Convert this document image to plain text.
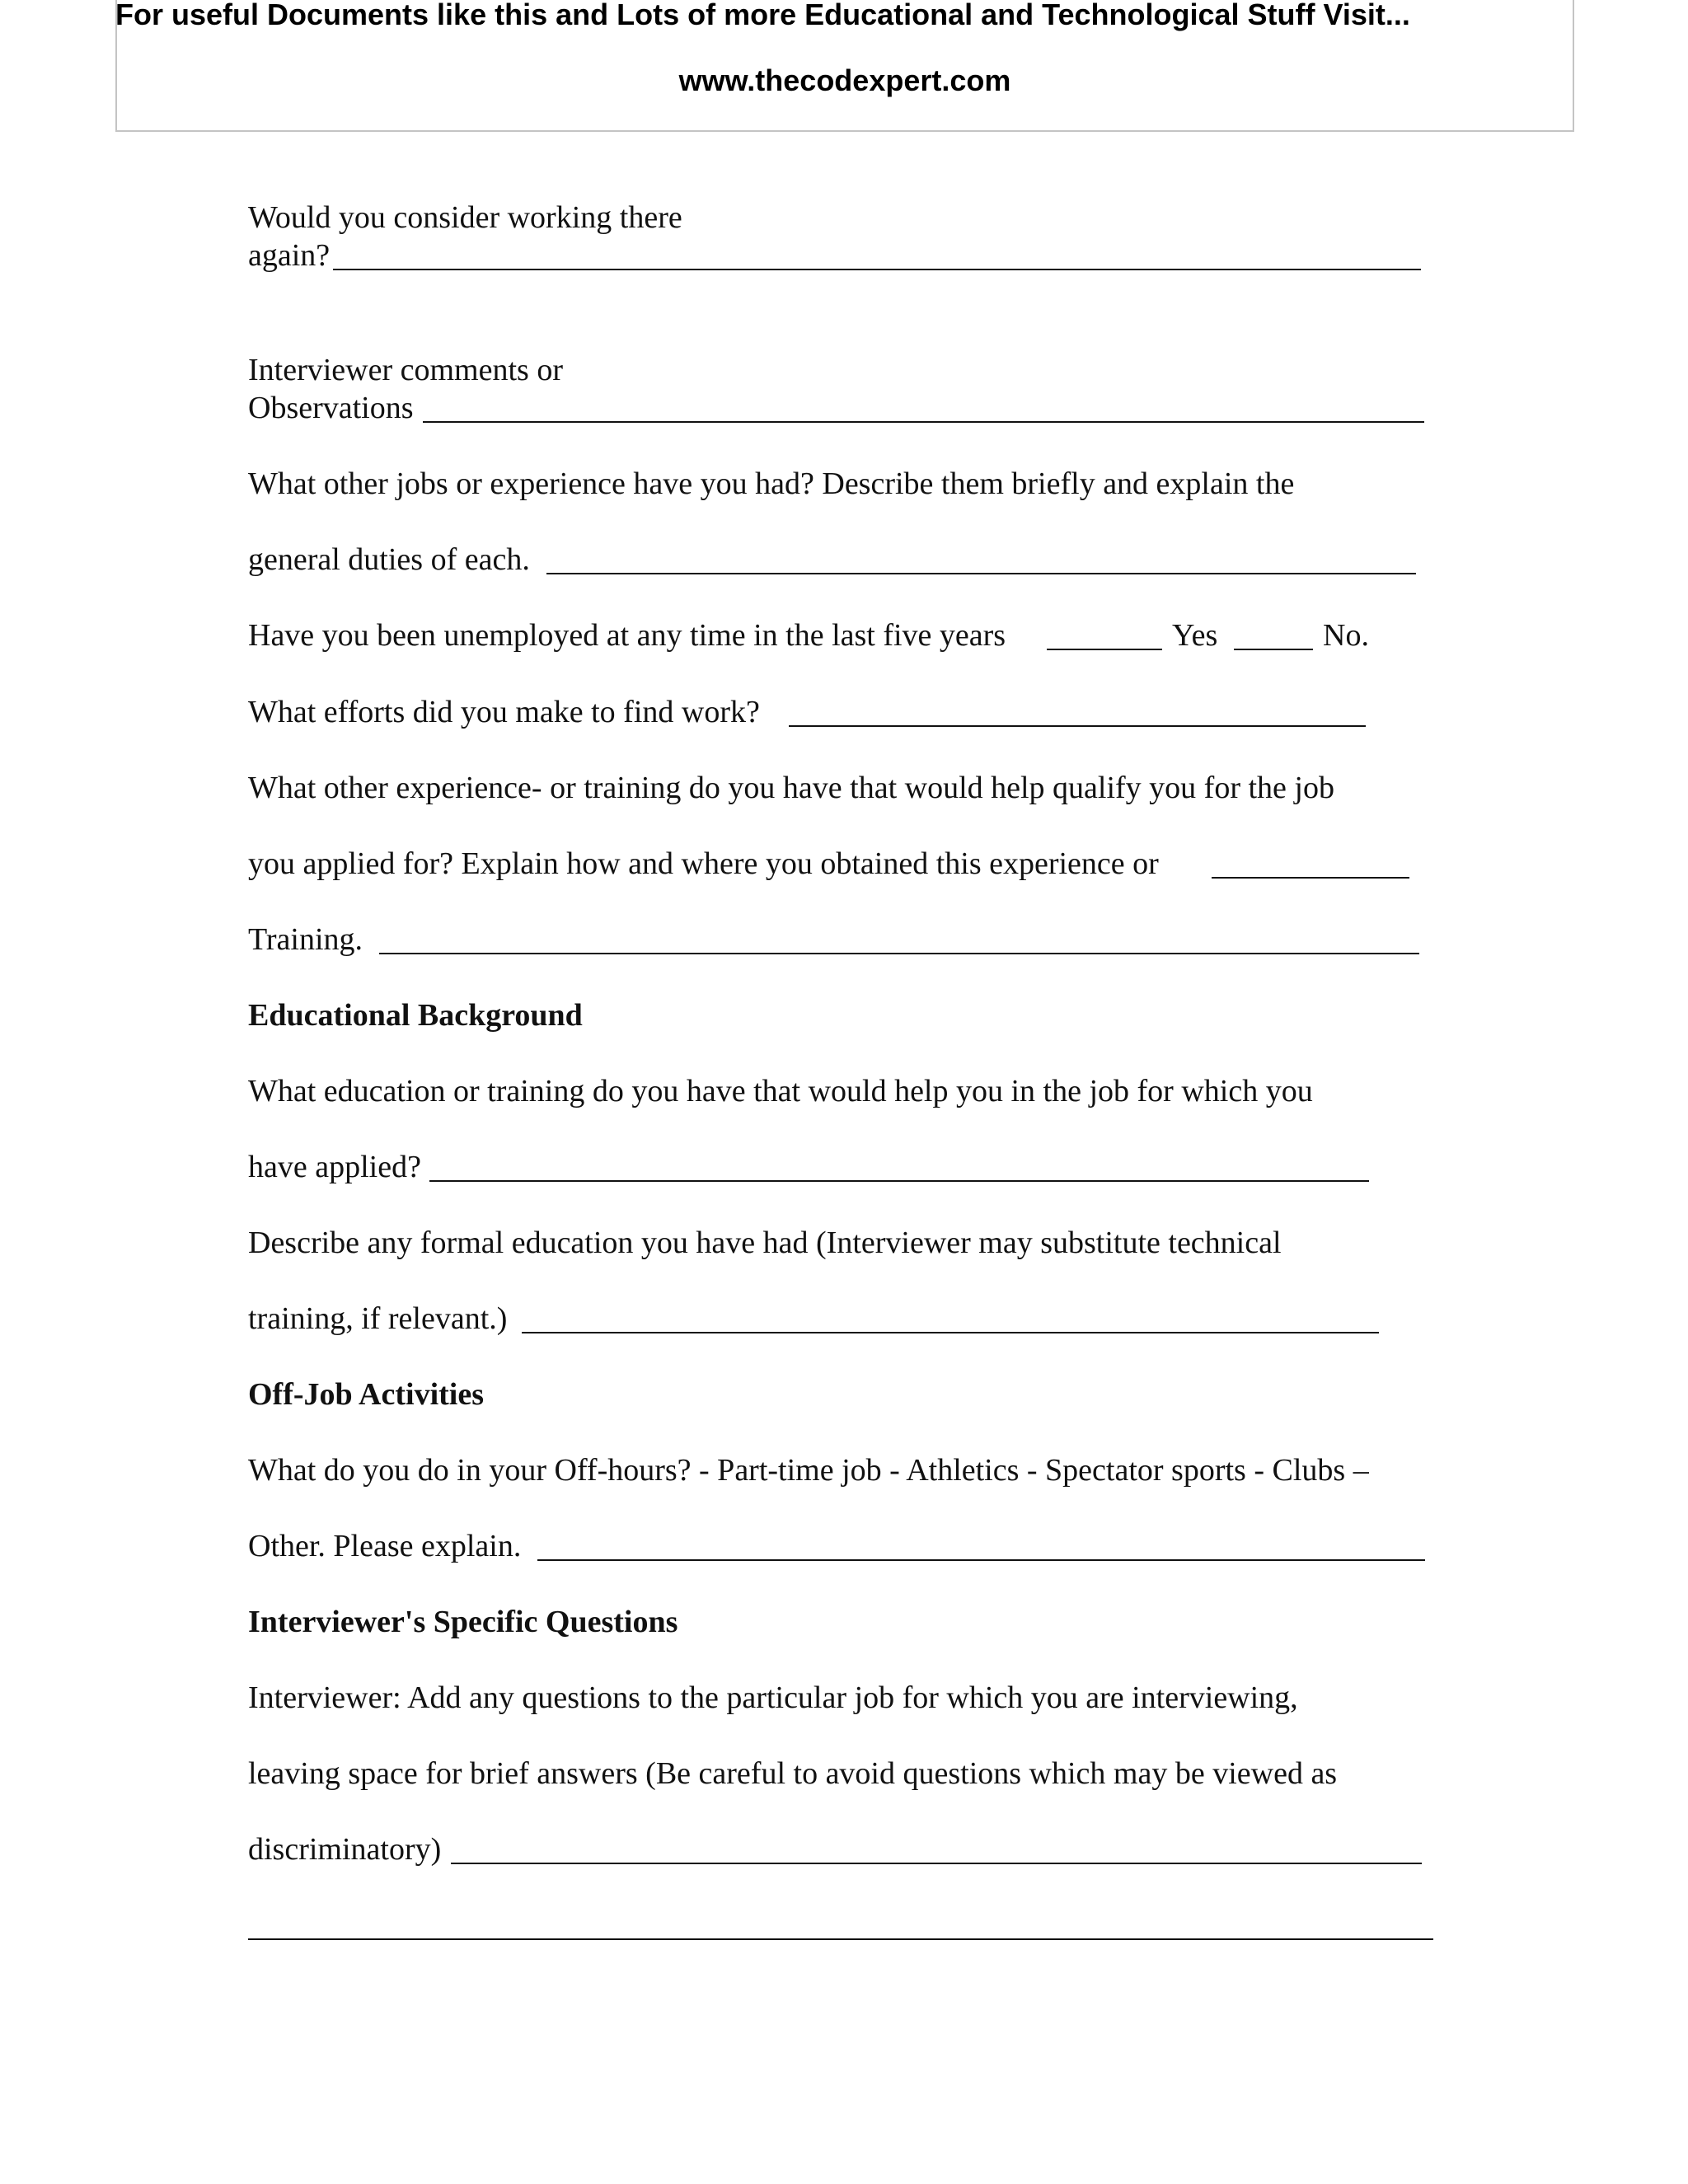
For useful Documents like this and Lots of more Educational and Technological Stuff Visit...
www.thecodexpert.com
Would you consider working there
again?
Interviewer comments or
Observations
What other jobs or experience have you had? Describe them briefly and explain the
general duties of each.
Have you been unemployed at any time in the last five years	Yes	No.
What efforts did you make to find work?
What other experience- or training do you have that would help qualify you for the job
you applied for? Explain how and where you obtained this experience or
Training.
Educational Background
What education or training do you have that would help you in the job for which you
have applied?
Describe any formal education you have had (Interviewer may substitute technical
training, if relevant.)
Off-Job Activities
What do you do in your Off-hours? - Part-time job - Athletics - Spectator sports - Clubs –
Other. Please explain.
Interviewer's Specific Questions
Interviewer: Add any questions to the particular job for which you are interviewing,
leaving space for brief answers (Be careful to avoid questions which may be viewed as
discriminatory)
